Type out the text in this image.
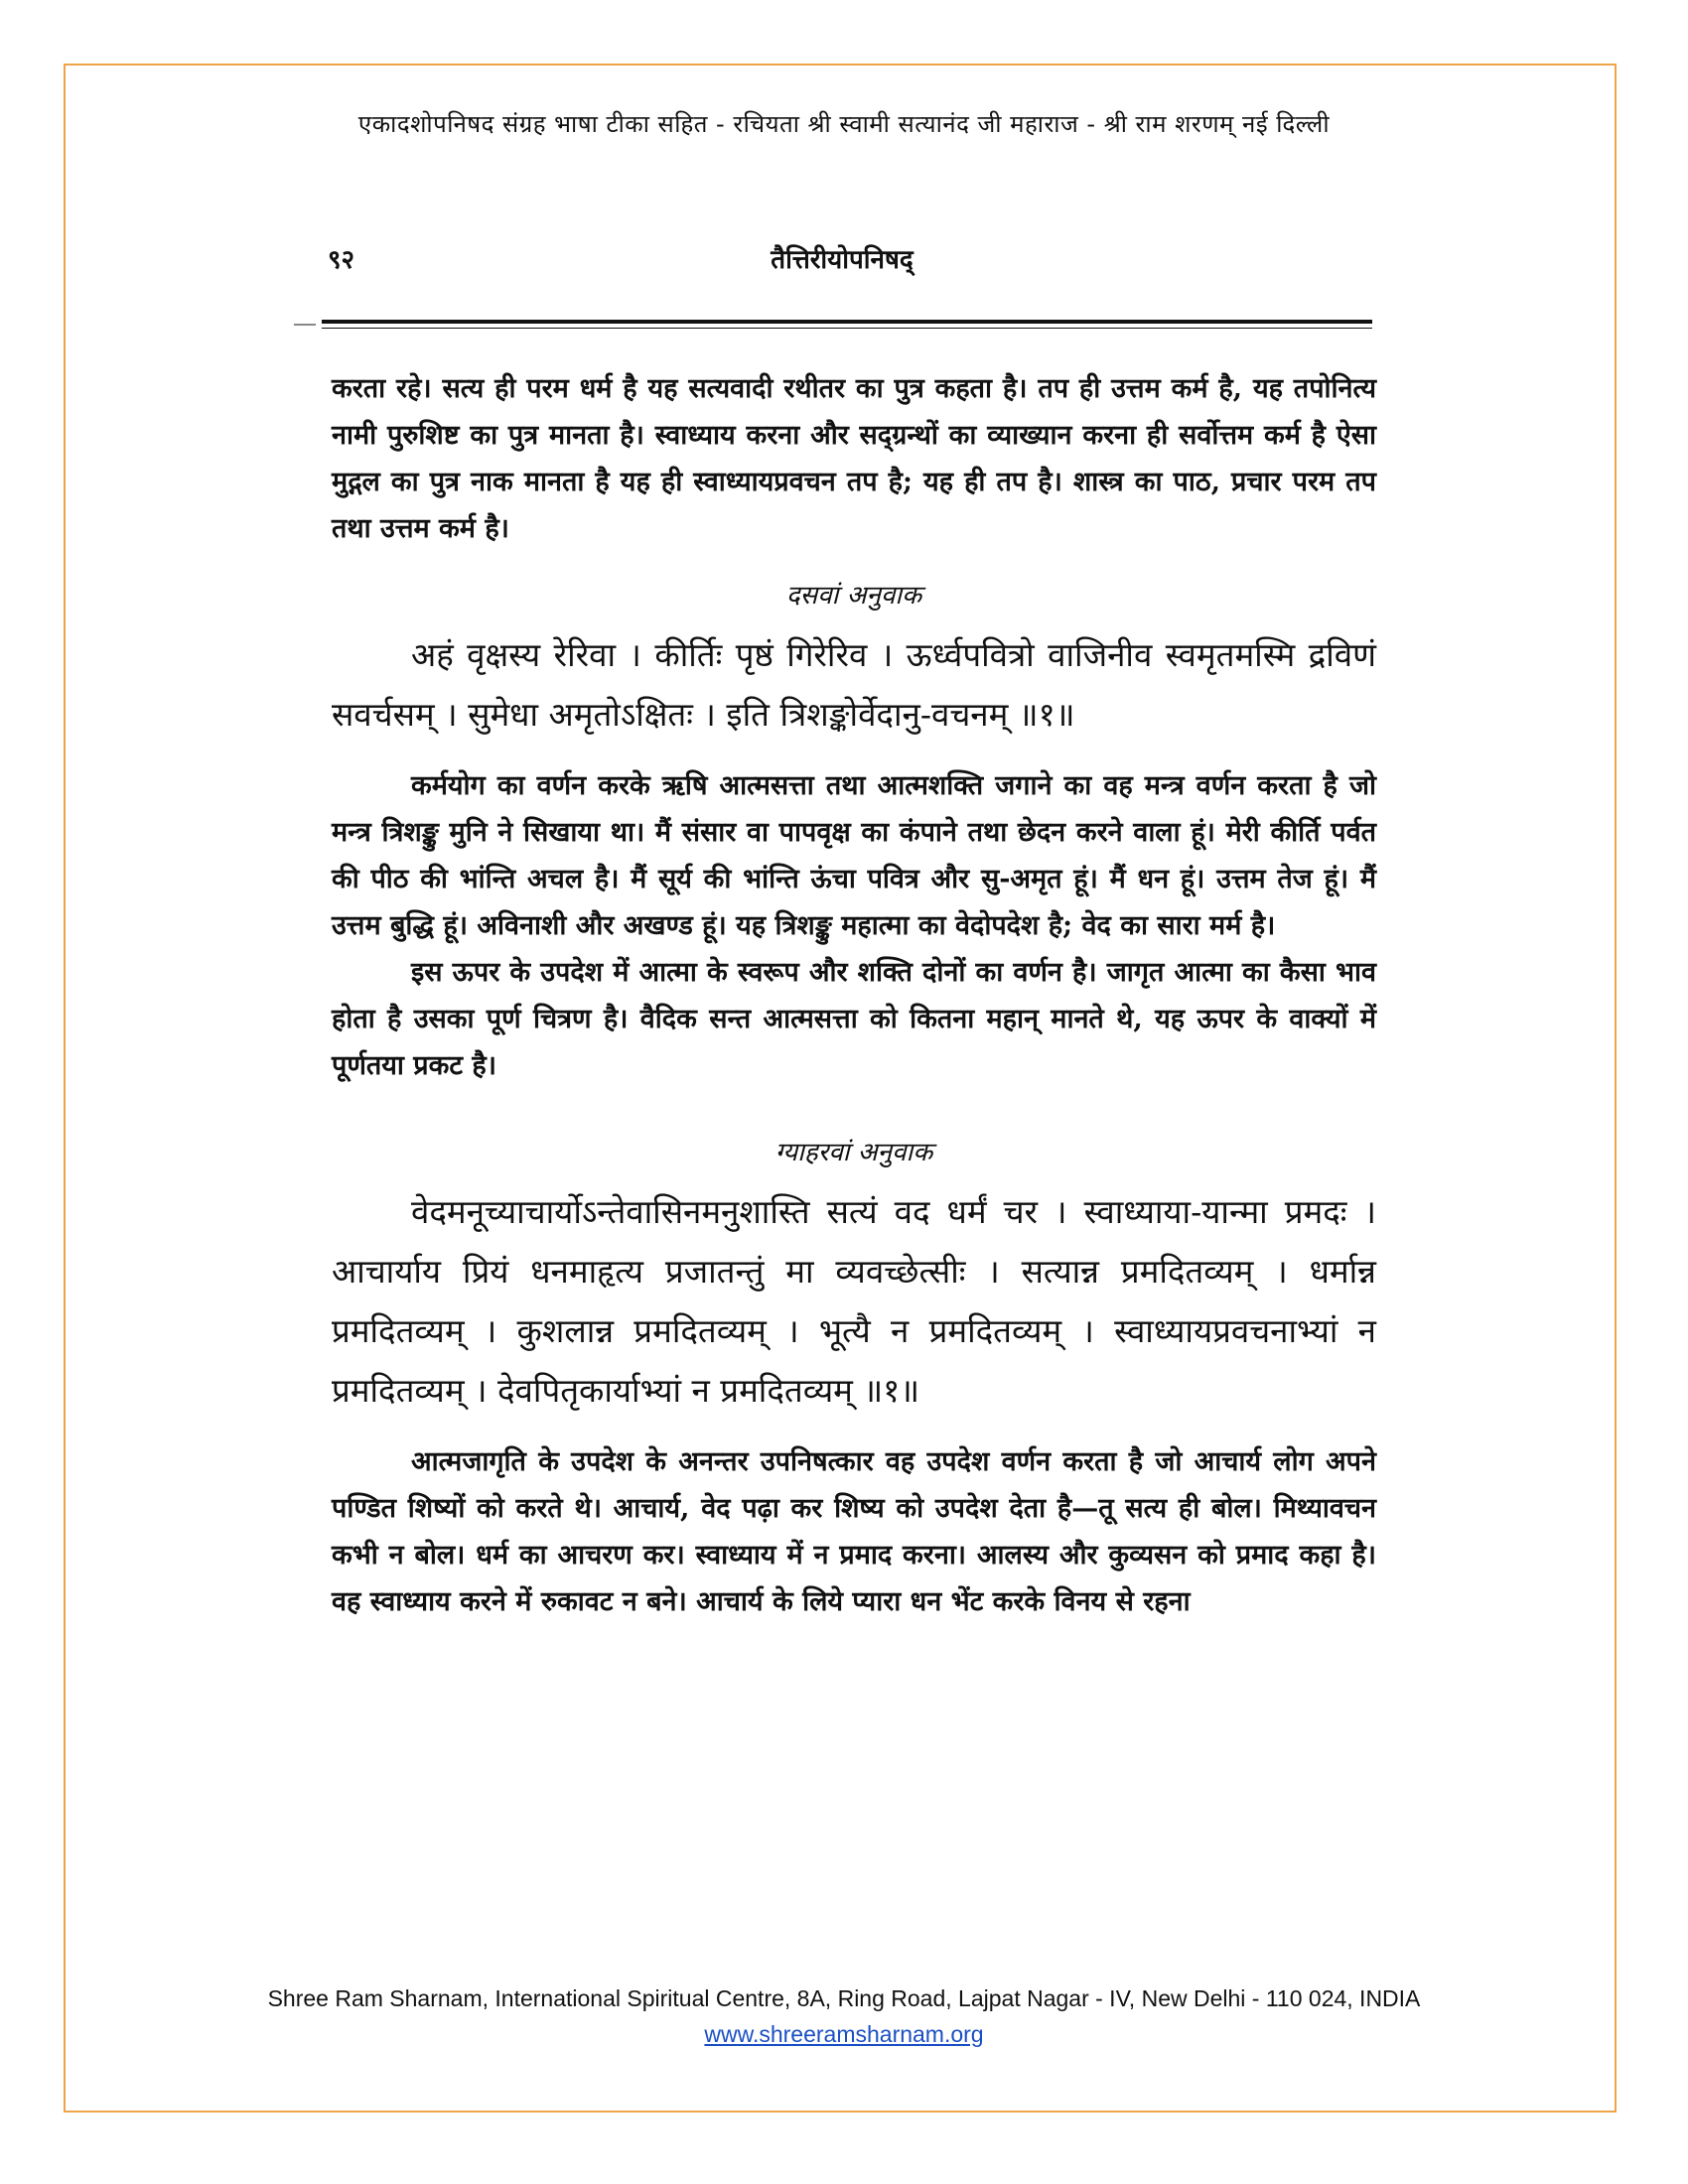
एकादशोपनिषद संग्रह भाषा टीका सहित - रचियता श्री स्वामी सत्यानंद जी महाराज - श्री राम शरणम् नई दिल्ली
९२	तैत्तिरीयोपनिषद्

करता रहे। सत्य ही परम धर्म है यह सत्यवादी रथीतर का पुत्र कहता है। तप ही उत्तम कर्म है, यह तपोनित्य नामी पुरुशिष्ट का पुत्र मानता है। स्वाध्याय करना और सद्ग्रन्थों का व्याख्यान करना ही सर्वोत्तम कर्म है ऐसा मुद्गल का पुत्र नाक मानता है यह ही स्वाध्यायप्रवचन तप है; यह ही तप है। शास्त्र का पाठ, प्रचार परम तप तथा उत्तम कर्म है।

दसवां अनुवाक

अहं वृक्षस्य रेरिवा । कीर्तिः पृष्ठं गिरेरिव । ऊर्ध्वपवित्रो वाजिनीव स्वमृतमस्मि द्रविणं सवर्चसम् । सुमेधा अमृतोऽक्षितः । इति त्रिशङ्कोर्वेदानु-वचनम् ॥१॥

कर्मयोग का वर्णन करके ऋषि आत्मसत्ता तथा आत्मशक्ति जगाने का वह मन्त्र वर्णन करता है जो मन्त्र त्रिशङ्कु मुनि ने सिखाया था। मैं संसार वा पापवृक्ष का कंपाने तथा छेदन करने वाला हूं। मेरी कीर्ति पर्वत की पीठ की भांन्ति अचल है। मैं सूर्य की भांन्ति ऊंचा पवित्र और सु-अमृत हूं। मैं धन हूं। उत्तम तेज हूं। मैं उत्तम बुद्धि हूं। अविनाशी और अखण्ड हूं। यह त्रिशङ्कु महात्मा का वेदोपदेश है; वेद का सारा मर्म है।

इस ऊपर के उपदेश में आत्मा के स्वरूप और शक्ति दोनों का वर्णन है। जागृत आत्मा का कैसा भाव होता है उसका पूर्ण चित्रण है। वैदिक सन्त आत्मसत्ता को कितना महान् मानते थे, यह ऊपर के वाक्यों में पूर्णतया प्रकट है।

ग्याहरवां अनुवाक

वेदमनूच्याचार्योऽन्तेवासिनमनुशास्ति सत्यं वद धर्मं चर । स्वाध्याया-यान्मा प्रमदः । आचार्याय प्रियं धनमाहृत्य प्रजातन्तुं मा व्यवच्छेत्सीः । सत्यान्न प्रमदितव्यम् । धर्मान्न प्रमदितव्यम् । कुशलान्न प्रमदितव्यम् । भूत्यै न प्रमदितव्यम् । स्वाध्यायप्रवचनाभ्यां न प्रमदितव्यम् । देवपितृकार्याभ्यां न प्रमदितव्यम् ॥१॥

आत्मजागृति के उपदेश के अनन्तर उपनिषत्कार वह उपदेश वर्णन करता है जो आचार्य लोग अपने पण्डित शिष्यों को करते थे। आचार्य, वेद पढ़ा कर शिष्य को उपदेश देता है—तू सत्य ही बोल। मिथ्यावचन कभी न बोल। धर्म का आचरण कर। स्वाध्याय में न प्रमाद करना। आलस्य और कुव्यसन को प्रमाद कहा है। वह स्वाध्याय करने में रुकावट न बने। आचार्य के लिये प्यारा धन भेंट करके विनय से रहना

Shree Ram Sharnam, International Spiritual Centre, 8A, Ring Road, Lajpat Nagar - IV, New Delhi - 110 024, INDIA
www.shreeramsharnam.org
